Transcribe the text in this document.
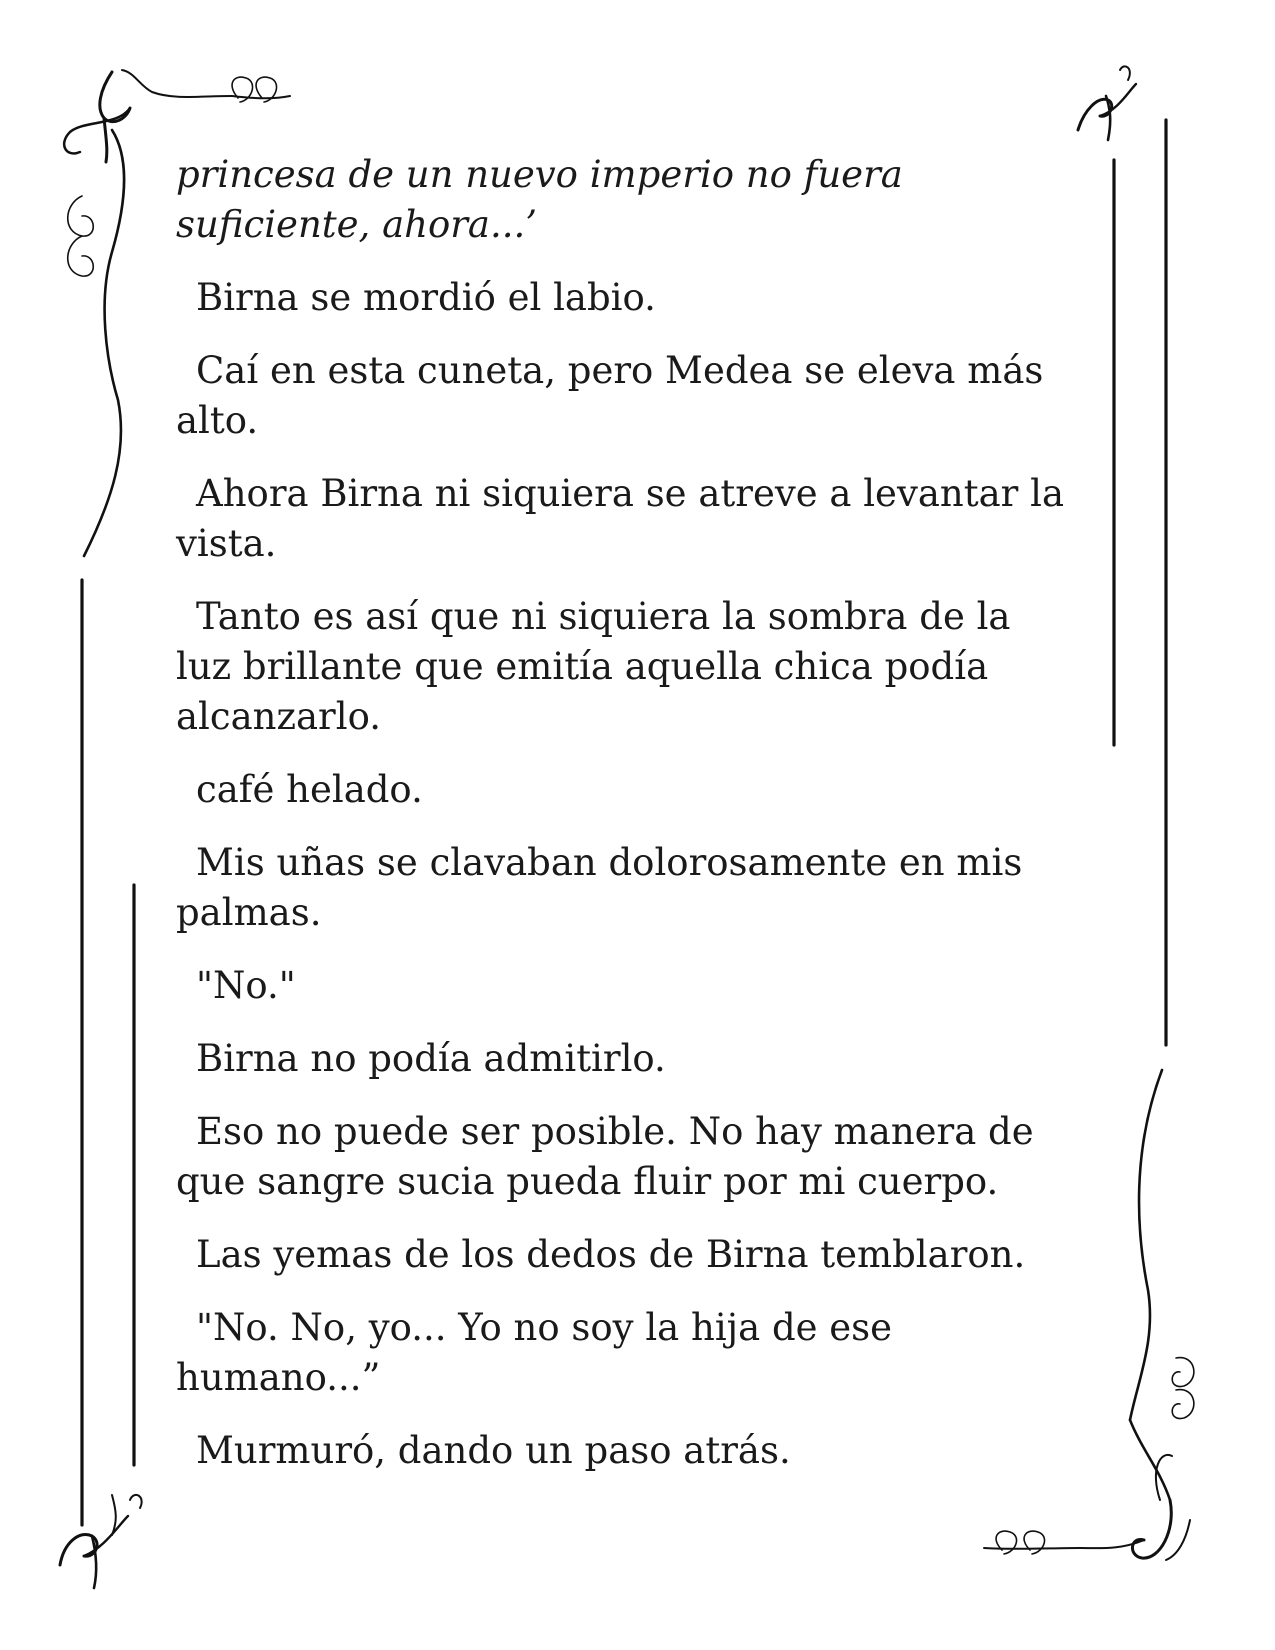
princesa de un nuevo imperio no fuera suficiente, ahora...’

Birna se mordió el labio.

Caí en esta cuneta, pero Medea se eleva más alto.

Ahora Birna ni siquiera se atreve a levantar la vista.

Tanto es así que ni siquiera la sombra de la luz brillante que emitía aquella chica podía alcanzarlo.

café helado.

Mis uñas se clavaban dolorosamente en mis palmas.

"No."

Birna no podía admitirlo.

Eso no puede ser posible. No hay manera de que sangre sucia pueda fluir por mi cuerpo.

Las yemas de los dedos de Birna temblaron.

"No. No, yo... Yo no soy la hija de ese humano...”

Murmuró, dando un paso atrás.
